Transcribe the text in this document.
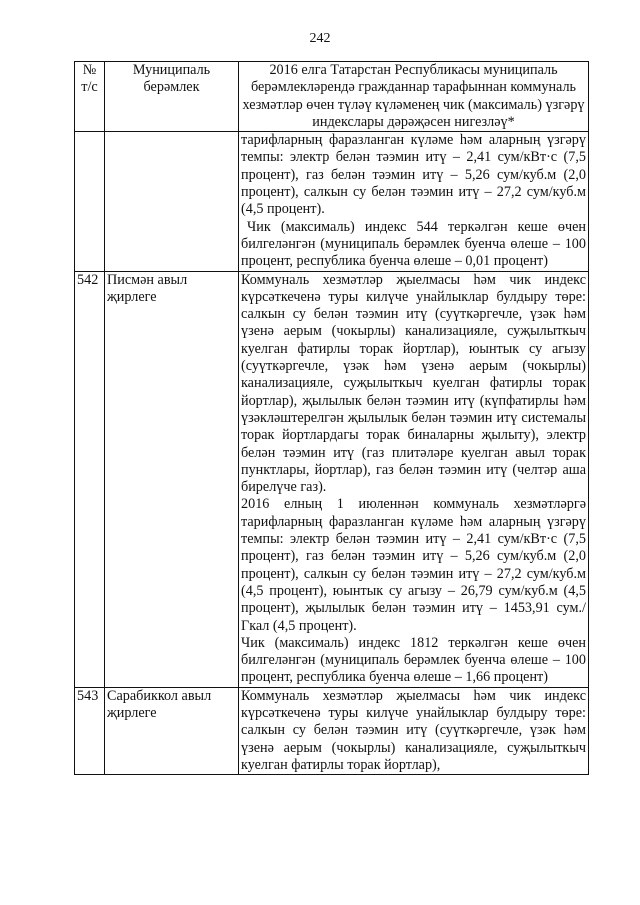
242
№ т/с	Муниципаль берәмлек	2016 елга Татарстан Республикасы муниципаль берәмлекләрендә гражданнар тарафыннан коммуналь хезмәтләр өчен түләү күләменең чик (максималь) үзгәрү индекслары дәрәҗәсен нигезләү*

		тарифларның фаразланган күләме һәм аларның үзгәрү темпы: электр белән тәэмин итү – 2,41 сум/кВт·с (7,5 процент), газ белән тәэмин итү – 5,26 сум/куб.м (2,0 процент), салкын су белән тәэмин итү – 27,2 сум/куб.м (4,5 процент).

Чик (максималь) индекс 544 теркәлгән кеше өчен билгеләнгән (муниципаль берәмлек буенча өлеше – 100 процент, республика буенча өлеше – 0,01 процент)

542	Писмән авыл җирлеге	Коммуналь хезмәтләр җыелмасы һәм чик индекс күрсәткеченә туры килүче унайлыклар булдыру төре: салкын су белән тәэмин итү (суүткәргечле, үзәк һәм үзенә аерым (чокырлы) канализацияле, суҗылыткыч куелган фатирлы торак йортлар), юынтык су агызу (суүткәргечле, үзәк һәм үзенә аерым (чокырлы) канализацияле, суҗылыткыч куелган фатирлы торак йортлар), җылылык белән тәэмин итү (күпфатирлы һәм үзәкләштерелгән җылылык белән тәэмин итү системалы торак йортлардагы торак биналарны җылыту), электр белән тәэмин итү (газ плитәләре куелган авыл торак пунктлары, йортлар), газ белән тәэмин итү (челтәр аша бирелүче газ).

2016 елның 1 июленнән коммуналь хезмәтләргә тарифларның фаразланган күләме һәм аларның үзгәрү темпы: электр белән тәэмин итү – 2,41 сум/кВт·с (7,5 процент), газ белән тәэмин итү – 5,26 сум/куб.м (2,0 процент), салкын су белән тәэмин итү – 27,2 сум/куб.м (4,5 процент), юынтык су агызу – 26,79 сум/куб.м (4,5 процент), җылылык белән тәэмин итү – 1453,91 сум./Гкал (4,5 процент).

Чик (максималь) индекс 1812 теркәлгән кеше өчен билгеләнгән (муниципаль берәмлек буенча өлеше – 100 процент, республика буенча өлеше – 1,66 процент)

543	Сарабиккол авыл җирлеге	Коммуналь хезмәтләр җыелмасы һәм чик индекс күрсәткеченә туры килүче унайлыклар булдыру төре: салкын су белән тәэмин итү (суүткәргечле, үзәк һәм үзенә аерым (чокырлы) канализацияле, суҗылыткыч куелган фатирлы торак йортлар),
